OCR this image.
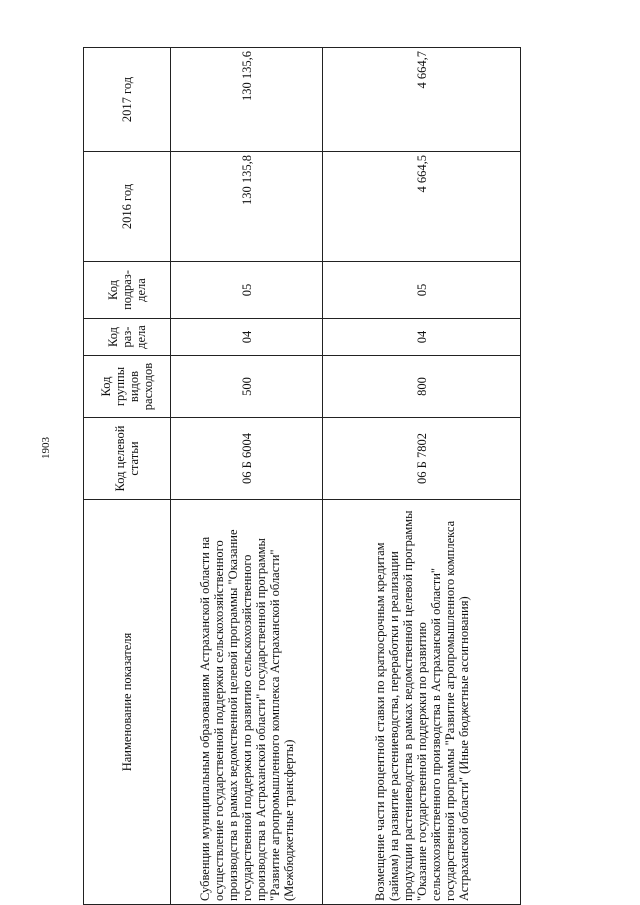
1903
Наименование показателя	Код целевой статьи	Код группы видов расходов	Код раз-дела	Код подраз-дела	2016 год	2017 год
Субвенции муниципальным образованиям Астраханской области на осуществление государственной поддержки сельскохозяйственного производства в рамках ведомственной целевой программы "Оказание государственной поддержки по развитию сельскохозяйственного производства в Астраханской области" государственной программы "Развитие агропромышленного комплекса Астраханской области" (Межбюджетные трансферты)	06 Б 6004	500	04	05	130 135,8	130 135,6
Возмещение части процентной ставки по краткосрочным кредитам (займам) на развитие растениеводства, переработки и реализации продукции растениеводства в рамках ведомственной целевой программы "Оказание государственной поддержки по развитию сельскохозяйственного производства в Астраханской области" государственной программы "Развитие агропромышленного комплекса Астраханской области" (Иные бюджетные ассигнования)	06 Б 7802	800	04	05	4 664,5	4 664,7
